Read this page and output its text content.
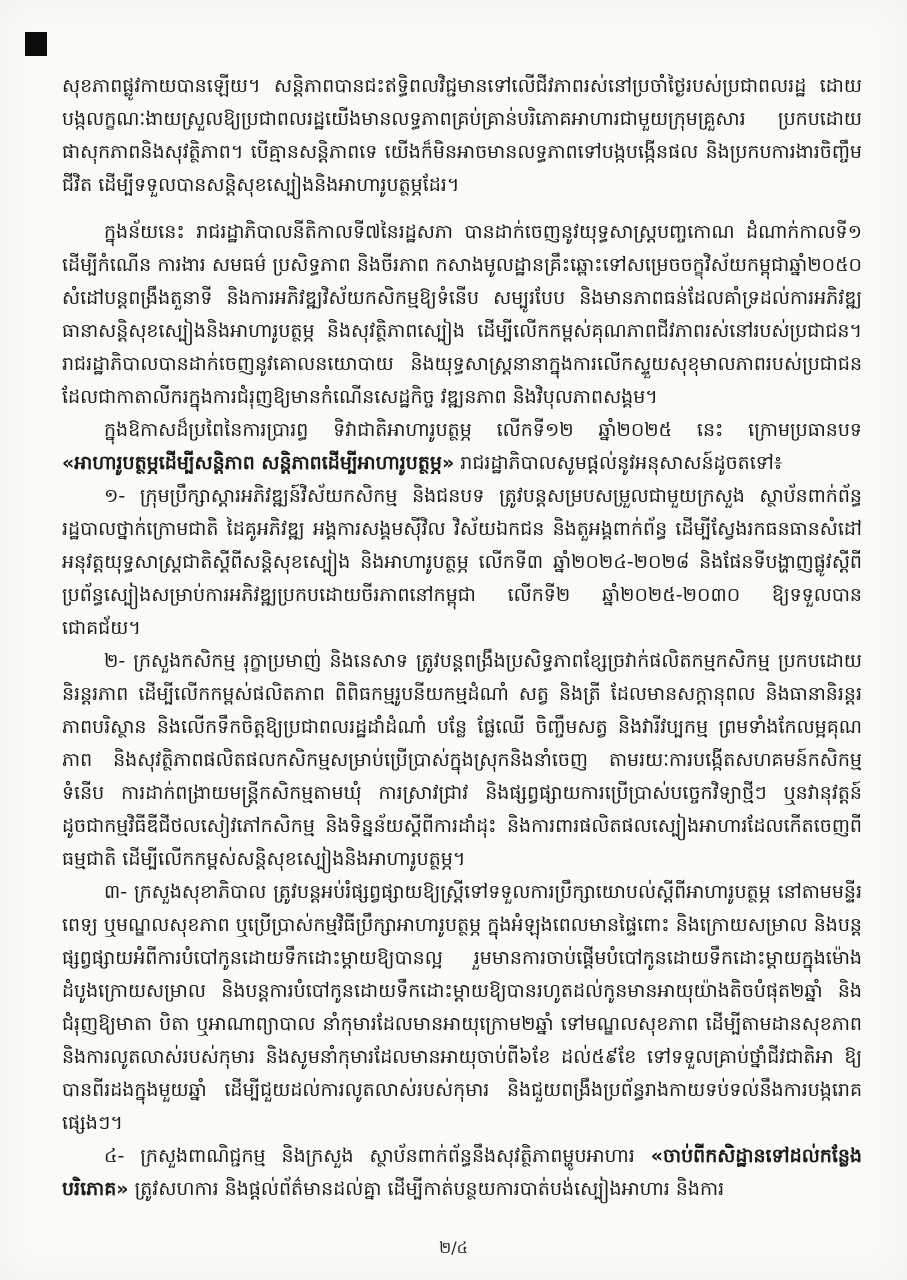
សុខភាពផ្លូវកាយបានឡើយ។ សន្តិភាពបានជះឥទ្ធិពលវិជ្ជមានទៅលើជីវភាពរស់នៅប្រចាំថ្ងៃរបស់ប្រជាពលរដ្ឋ ដោយបង្កលក្ខណៈងាយស្រួលឱ្យប្រជាពលរដ្ឋយើងមានលទ្ធភាពគ្រប់គ្រាន់បរិភោគអាហារជាមួយក្រុមគ្រួសារ ប្រកបដោយផាសុកភាពនិងសុវត្ថិភាព។ បើគ្មានសន្តិភាពទេ យើងក៏មិនអាចមានលទ្ធភាពទៅបង្កបង្កើនផល និងប្រកបការងារចិញ្ចឹមជីវិត ដើម្បីទទួលបានសន្តិសុខស្បៀងនិងអាហារូបត្ថម្ភដែរ។

ក្នុងន័យនេះ រាជរដ្ឋាភិបាលនីតិកាលទី៧នៃរដ្ឋសភា បានដាក់ចេញនូវយុទ្ធសាស្ត្របញ្ចកោណ ដំណាក់កាលទី១ ដើម្បីកំណើន ការងារ សមធម៌ ប្រសិទ្ធភាព និងចីរភាព កសាងមូលដ្ឋានគ្រឹះឆ្ពោះទៅសម្រេចចក្ខុវិស័យកម្ពុជាឆ្នាំ២០៥០ សំដៅបន្តពង្រឹងតួនាទី និងការអភិវឌ្ឍវិស័យកសិកម្មឱ្យទំនើប សម្បូរបែប និងមានភាពធន់ដែលគាំទ្រដល់ការអភិវឌ្ឍ ធានាសន្តិសុខស្បៀងនិងអាហារូបត្ថម្ភ និងសុវត្ថិភាពស្បៀង ដើម្បីលើកកម្ពស់គុណភាពជីវភាពរស់នៅរបស់ប្រជាជន។ រាជរដ្ឋាភិបាលបានដាក់ចេញនូវគោលនយោបាយ និងយុទ្ធសាស្ត្រនានាក្នុងការលើកស្ទួយសុខុមាលភាពរបស់ប្រជាជន ដែលជាកាតាលីករក្នុងការជំរុញឱ្យមានកំណើនសេដ្ឋកិច្ច វឌ្ឍនភាព និងវិបុលភាពសង្គម។

ក្នុងឱកាសដ៏ប្រពៃនៃការប្រារព្ធ ទិវាជាតិអាហារូបត្ថម្ភ លើកទី១២ ឆ្នាំ២០២៥ នេះ ក្រោមប្រធានបទ «អាហារូបត្ថម្ភដើម្បីសន្តិភាព សន្តិភាពដើម្បីអាហារូបត្ថម្ភ» រាជរដ្ឋាភិបាលសូមផ្តល់នូវអនុសាសន៍ដូចតទៅ៖

១- ក្រុមប្រឹក្សាស្តារអភិវឌ្ឍន៍វិស័យកសិកម្ម និងជនបទ ត្រូវបន្តសម្របសម្រួលជាមួយក្រសួង ស្ថាប័នពាក់ព័ន្ធ រដ្ឋបាលថ្នាក់ក្រោមជាតិ ដៃគូអភិវឌ្ឍ អង្គការសង្គមស៊ីវិល វិស័យឯកជន និងតួអង្គពាក់ព័ន្ធ ដើម្បីស្វែងរកធនធានសំដៅអនុវត្តយុទ្ធសាស្ត្រជាតិស្តីពីសន្តិសុខស្បៀង និងអាហារូបត្ថម្ភ លើកទី៣ ឆ្នាំ២០២៤-២០២៨ និងផែនទីបង្ហាញផ្លូវស្តីពីប្រព័ន្ធស្បៀងសម្រាប់ការអភិវឌ្ឍប្រកបដោយចីរភាពនៅកម្ពុជា លើកទី២ ឆ្នាំ២០២៥-២០៣០ ឱ្យទទួលបានជោគជ័យ។

២- ក្រសួងកសិកម្ម រុក្ខាប្រមាញ់ និងនេសាទ ត្រូវបន្តពង្រឹងប្រសិទ្ធភាពខ្សែច្រវាក់ផលិតកម្មកសិកម្ម ប្រកបដោយនិរន្តរភាព ដើម្បីលើកកម្ពស់ផលិតភាព ពិពិធកម្មរូបនីយកម្មដំណាំ សត្វ និងត្រី ដែលមានសក្តានុពល និងធានានិរន្តរភាពបរិស្ថាន និងលើកទឹកចិត្តឱ្យប្រជាពលរដ្ឋដាំដំណាំ បន្លែ ផ្លែឈើ ចិញ្ចឹមសត្វ និងវារីវប្បកម្ម ព្រមទាំងកែលម្អគុណភាព និងសុវត្ថិភាពផលិតផលកសិកម្មសម្រាប់ប្រើប្រាស់ក្នុងស្រុកនិងនាំចេញ តាមរយៈការបង្កើតសហគមន៍កសិកម្មទំនើប ការដាក់ពង្រាយមន្ត្រីកសិកម្មតាមឃុំ ការស្រាវជ្រាវ និងផ្សព្វផ្សាយការប្រើប្រាស់បច្ចេកវិទ្យាថ្មីៗ ឬនវានុវត្តន៍ ដូចជាកម្មវិធីឌីជីថលសៀវភៅកសិកម្ម និងទិន្នន័យស្តីពីការដាំដុះ និងការពារផលិតផលស្បៀងអាហារដែលកើតចេញពីធម្មជាតិ ដើម្បីលើកកម្ពស់សន្តិសុខស្បៀងនិងអាហារូបត្ថម្ភ។

៣- ក្រសួងសុខាភិបាល ត្រូវបន្តអប់រំផ្សព្វផ្សាយឱ្យស្ត្រីទៅទទួលការប្រឹក្សាយោបល់ស្តីពីអាហារូបត្ថម្ភ នៅតាមមន្ទីរពេទ្យ ឬមណ្ឌលសុខភាព ឬប្រើប្រាស់កម្មវិធីប្រឹក្សាអាហារូបត្ថម្ភ ក្នុងអំឡុងពេលមានផ្ទៃពោះ និងក្រោយសម្រាល និងបន្តផ្សព្វផ្សាយអំពីការបំបៅកូនដោយទឹកដោះម្តាយឱ្យបានល្អ រួមមានការចាប់ផ្តើមបំបៅកូនដោយទឹកដោះម្តាយក្នុងម៉ោងដំបូងក្រោយសម្រាល និងបន្តការបំបៅកូនដោយទឹកដោះម្តាយឱ្យបានរហូតដល់កូនមានអាយុយ៉ាងតិចបំផុត២ឆ្នាំ និងជំរុញឱ្យមាតា បិតា ឬអាណាព្យាបាល នាំកុមារដែលមានអាយុក្រោម២ឆ្នាំ ទៅមណ្ឌលសុខភាព ដើម្បីតាមដានសុខភាព និងការលូតលាស់របស់កុមារ និងសូមនាំកុមារដែលមានអាយុចាប់ពី៦ខែ ដល់៥៩ខែ ទៅទទួលគ្រាប់ថ្នាំជីវជាតិអា ឱ្យបានពីរដងក្នុងមួយឆ្នាំ ដើម្បីជួយដល់ការលូតលាស់របស់កុមារ និងជួយពង្រឹងប្រព័ន្ធរាងកាយទប់ទល់នឹងការបង្ករោគផ្សេងៗ។

៤- ក្រសួងពាណិជ្ជកម្ម និងក្រសួង ស្ថាប័នពាក់ព័ន្ធនឹងសុវត្ថិភាពម្ហូបអាហារ «ចាប់ពីកសិដ្ឋានទៅដល់កន្លែងបរិភោគ» ត្រូវសហការ និងផ្តល់ព័ត៌មានដល់គ្នា ដើម្បីកាត់បន្ថយការបាត់បង់ស្បៀងអាហារ និងការ

២/៤
